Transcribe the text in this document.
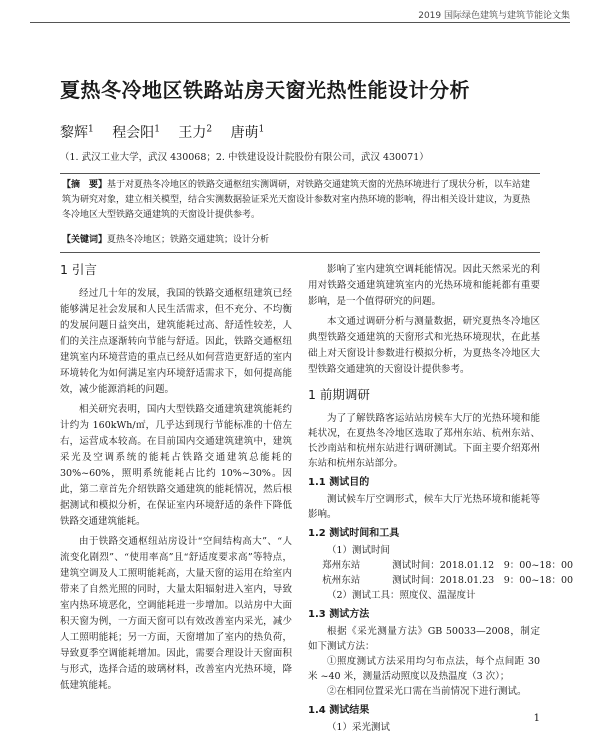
2019 国际绿色建筑与建筑节能论文集
夏热冬冷地区铁路站房天窗光热性能设计分析
黎辉$^1$ 程会阳$^1$ 王力$^2$ 唐萌$^1$
（1. 武汉工业大学，武汉 430068；2. 中铁建设设计院股份有限公司，武汉 430071）
【摘　要】基于对夏热冬冷地区的铁路交通枢纽实测调研，对铁路交通建筑天窗的光热环境进行了现状分析，以车站建筑为研究对象，建立相关模型，结合实测数据验证采光天窗设计参数对室内热环境的影响，得出相关设计建议，为夏热冬冷地区大型铁路交通建筑的天窗设计提供参考。
【关键词】夏热冬冷地区；铁路交通建筑；设计分析
1 引言

经过几十年的发展，我国的铁路交通枢纽建筑已经能够满足社会发展和人民生活需求，但不充分、不均衡的发展问题日益突出，建筑能耗过高、舒适性较差，人们的关注点逐渐转向节能与舒适。因此，铁路交通枢纽建筑室内环境营造的重点已经从如何营造更舒适的室内环境转化为如何满足室内环境舒适需求下，如何提高能效，减少能源消耗的问题。

相关研究表明，国内大型铁路交通建筑建筑能耗约计约为 160kWh/㎡，几乎达到现行节能标准的十倍左右，运营成本较高。在目前国内交通建筑建筑中，建筑采光及空调系统的能耗占铁路交通建筑总能耗的 30%~60%，照明系统能耗占比约 10%~30%。因此，第二章首先介绍铁路交通建筑的能耗情况，然后根据测试和模拟分析，在保证室内环境舒适的条件下降低铁路交通建筑能耗。

由于铁路交通枢纽站房设计“空间结构高大”、“人流变化剧烈”、“使用率高”且“舒适度要求高”等特点，建筑空调及人工照明能耗高，大量天窗的运用在给室内带来了自然光照的同时，大量太阳辐射进入室内，导致室内热环境恶化，空调能耗进一步增加。以站房中大面积天窗为例，一方面天窗可以有效改善室内采光，减少人工照明能耗；另一方面，天窗增加了室内的热负荷，导致夏季空调能耗增加。因此，需要合理设计天窗面积与形式，选择合适的玻璃材料，改善室内光热环境，降低建筑能耗。

影响了室内建筑空调耗能情况。因此天然采光的利用对铁路交通建筑建筑室内的光热环境和能耗都有重要影响，是一个值得研究的问题。

本文通过调研分析与测量数据，研究夏热冬冷地区典型铁路交通建筑的天窗形式和光热环境现状，在此基础上对天窗设计参数进行模拟分析，为夏热冬冷地区大型铁路交通建筑的天窗设计提供参考。

1 前期调研

为了了解铁路客运站站房候车大厅的光热环境和能耗状况，在夏热冬冷地区选取了郑州东站、杭州东站、长沙南站和杭州东站进行调研测试。下面主要介绍郑州东站和杭州东站部分。

1.1 测试目的

测试候车厅空调形式，候车大厅光热环境和能耗等影响。

1.2 测试时间和工具
（1）测试时间
郑州东站	测试时间：2018.01.12 9：00~18：00
杭州东站	测试时间：2018.01.23 9：00~18：00
（2）测试工具：照度仪、温湿度计
1.3 测试方法

根据《采光测量方法》GB 50033—2008，制定如下测试方法：

①照度测试方法采用均匀布点法，每个点间距 30 米 ~40 米，测量活动照度以及热温度（3 次）；

②在相同位置采光口需在当前情况下进行测试。

1.4 测试结果
（1）采光测试
1
